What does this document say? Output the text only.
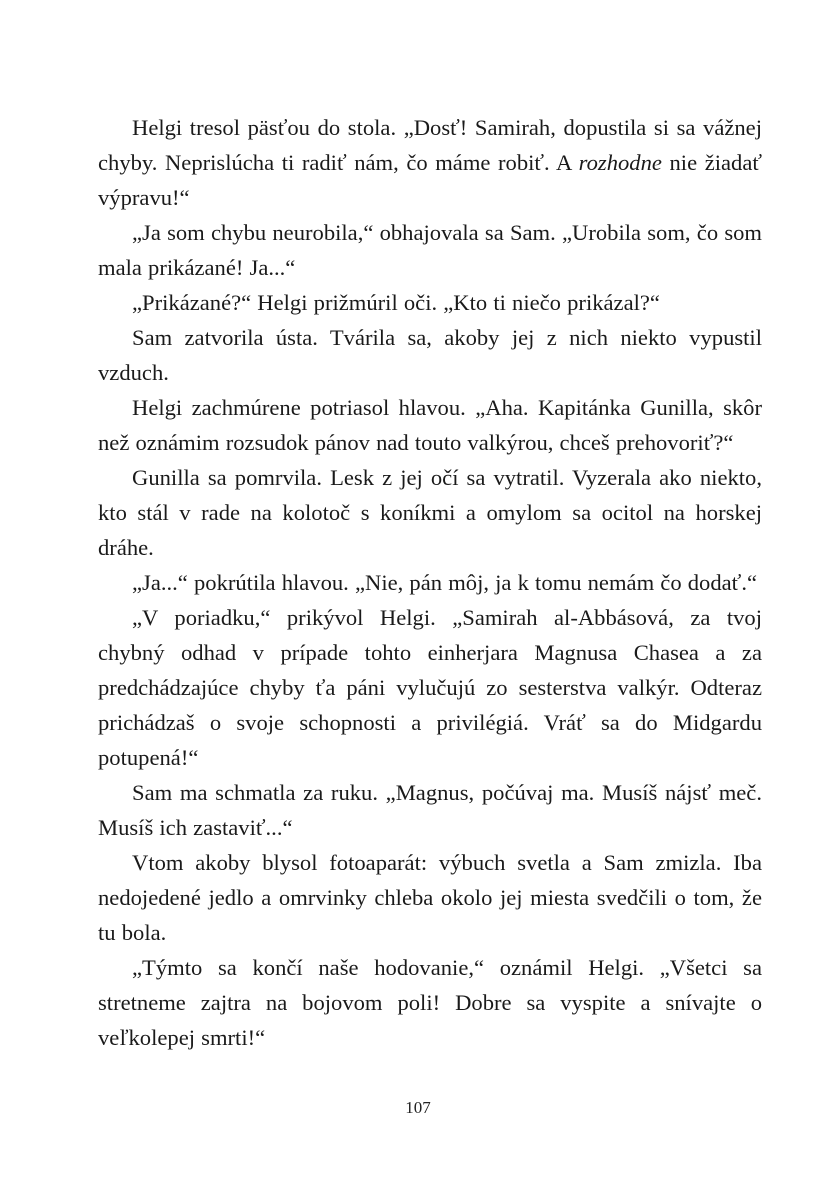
Helgi tresol päsťou do stola. „Dosť! Samirah, dopustila si sa vážnej chyby. Neprislúcha ti radiť nám, čo máme robiť. A rozhodne nie žiadať výpravu!“

„Ja som chybu neurobila,“ obhajovala sa Sam. „Urobila som, čo som mala prikázané! Ja...“

„Prikázané?“ Helgi prižmúril oči. „Kto ti niečo prikázal?“

Sam zatvorila ústa. Tvárila sa, akoby jej z nich niekto vypustil vzduch.

Helgi zachmúrene potriasol hlavou. „Aha. Kapitánka Gunilla, skôr než oznámim rozsudok pánov nad touto valkýrou, chceš prehovoriť?“

Gunilla sa pomrvila. Lesk z jej očí sa vytratil. Vyzerala ako niekto, kto stál v rade na kolotoč s koníkmi a omylom sa ocitol na horskej dráhe.

„Ja...“ pokrútila hlavou. „Nie, pán môj, ja k tomu nemám čo dodať.“

„V poriadku,“ prikývol Helgi. „Samirah al-Abbásová, za tvoj chybný odhad v prípade tohto einherjara Magnusa Chasea a za predchádzajúce chyby ťa páni vylučujú zo sesterstva valkýr. Odteraz prichádzaš o svoje schopnosti a privilégiá. Vráť sa do Midgardu potupená!“

Sam ma schmatla za ruku. „Magnus, počúvaj ma. Musíš nájsť meč. Musíš ich zastaviť...“

Vtom akoby blysol fotoaparát: výbuch svetla a Sam zmizla. Iba nedojedené jedlo a omrvinky chleba okolo jej miesta svedčili o tom, že tu bola.

„Týmto sa končí naše hodovanie,“ oznámil Helgi. „Všetci sa stretneme zajtra na bojovom poli! Dobre sa vyspite a snívajte o veľkolepej smrti!“

107
